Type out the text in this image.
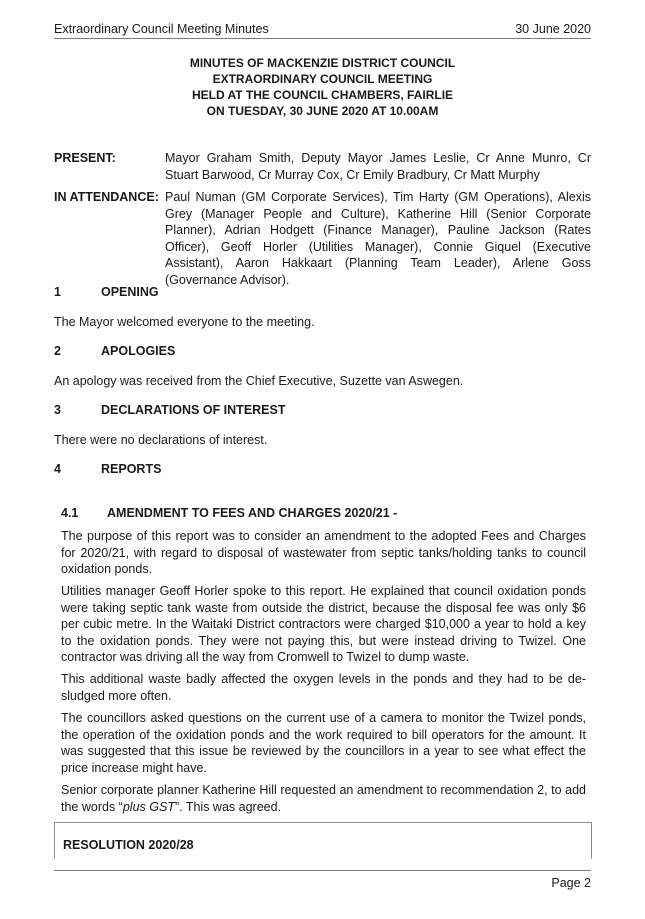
Extraordinary Council Meeting Minutes	30 June 2020
MINUTES OF MACKENZIE DISTRICT COUNCIL
EXTRAORDINARY COUNCIL MEETING
HELD AT THE COUNCIL CHAMBERS, FAIRLIE
ON TUESDAY, 30 JUNE 2020 AT 10.00AM
PRESENT:	Mayor Graham Smith, Deputy Mayor James Leslie, Cr Anne Munro, Cr Stuart Barwood, Cr Murray Cox, Cr Emily Bradbury, Cr Matt Murphy
IN ATTENDANCE: Paul Numan (GM Corporate Services), Tim Harty (GM Operations), Alexis Grey (Manager People and Culture), Katherine Hill (Senior Corporate Planner), Adrian Hodgett (Finance Manager), Pauline Jackson (Rates Officer), Geoff Horler (Utilities Manager), Connie Giquel (Executive Assistant), Aaron Hakkaart (Planning Team Leader), Arlene Goss (Governance Advisor).
1	OPENING
The Mayor welcomed everyone to the meeting.
2	APOLOGIES
An apology was received from the Chief Executive, Suzette van Aswegen.
3	DECLARATIONS OF INTEREST
There were no declarations of interest.
4	REPORTS
4.1 AMENDMENT TO FEES AND CHARGES 2020/21 -
The purpose of this report was to consider an amendment to the adopted Fees and Charges for 2020/21, with regard to disposal of wastewater from septic tanks/holding tanks to council oxidation ponds.
Utilities manager Geoff Horler spoke to this report. He explained that council oxidation ponds were taking septic tank waste from outside the district, because the disposal fee was only $6 per cubic metre. In the Waitaki District contractors were charged $10,000 a year to hold a key to the oxidation ponds. They were not paying this, but were instead driving to Twizel. One contractor was driving all the way from Cromwell to Twizel to dump waste.
This additional waste badly affected the oxygen levels in the ponds and they had to be de-sludged more often.
The councillors asked questions on the current use of a camera to monitor the Twizel ponds, the operation of the oxidation ponds and the work required to bill operators for the amount. It was suggested that this issue be reviewed by the councillors in a year to see what effect the price increase might have.
Senior corporate planner Katherine Hill requested an amendment to recommendation 2, to add the words “plus GST”. This was agreed.
RESOLUTION 2020/28
Page 2
